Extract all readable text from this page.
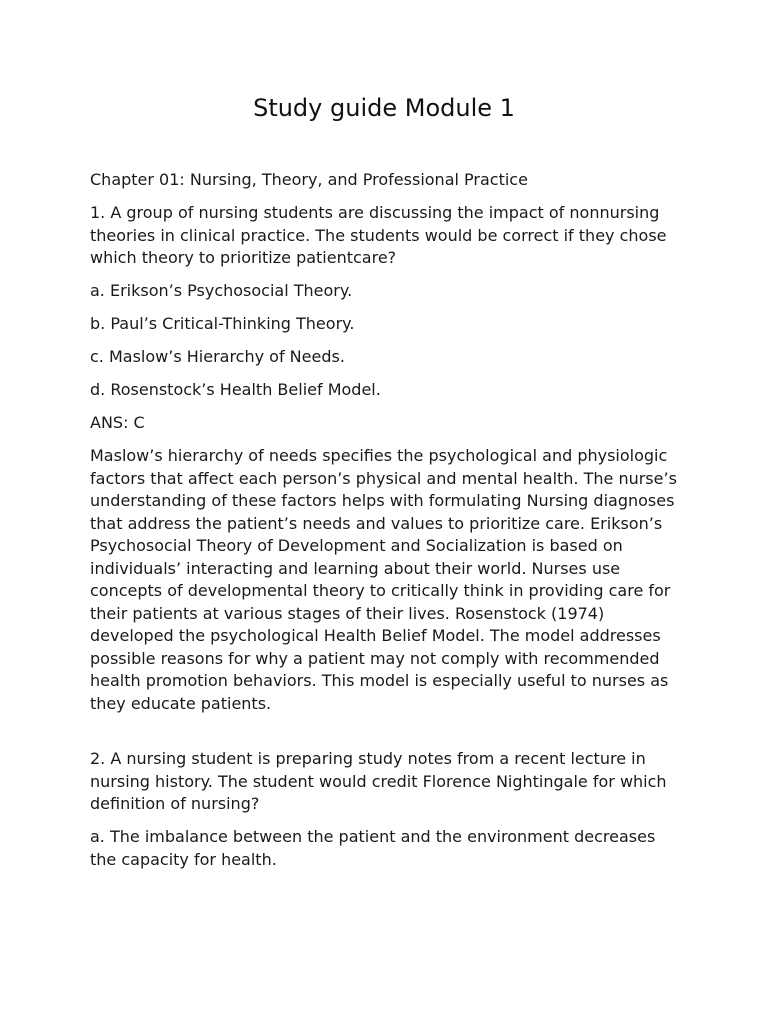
Study guide Module 1

Chapter 01: Nursing, Theory, and Professional Practice

1. A group of nursing students are discussing the impact of nonnursing theories in clinical practice. The students would be correct if they chose which theory to prioritize patientcare?

a. Erikson’s Psychosocial Theory.

b. Paul’s Critical-Thinking Theory.

c. Maslow’s Hierarchy of Needs.

d. Rosenstock’s Health Belief Model.

ANS: C

Maslow’s hierarchy of needs specifies the psychological and physiologic factors that affect each person’s physical and mental health. The nurse’s understanding of these factors helps with formulating Nursing diagnoses that address the patient’s needs and values to prioritize care. Erikson’s Psychosocial Theory of Development and Socialization is based on individuals’ interacting and learning about their world. Nurses use concepts of developmental theory to critically think in providing care for their patients at various stages of their lives. Rosenstock (1974) developed the psychological Health Belief Model. The model addresses possible reasons for why a patient may not comply with recommended health promotion behaviors. This model is especially useful to nurses as they educate patients.

2. A nursing student is preparing study notes from a recent lecture in nursing history. The student would credit Florence Nightingale for which definition of nursing?

a. The imbalance between the patient and the environment decreases the capacity for health.
